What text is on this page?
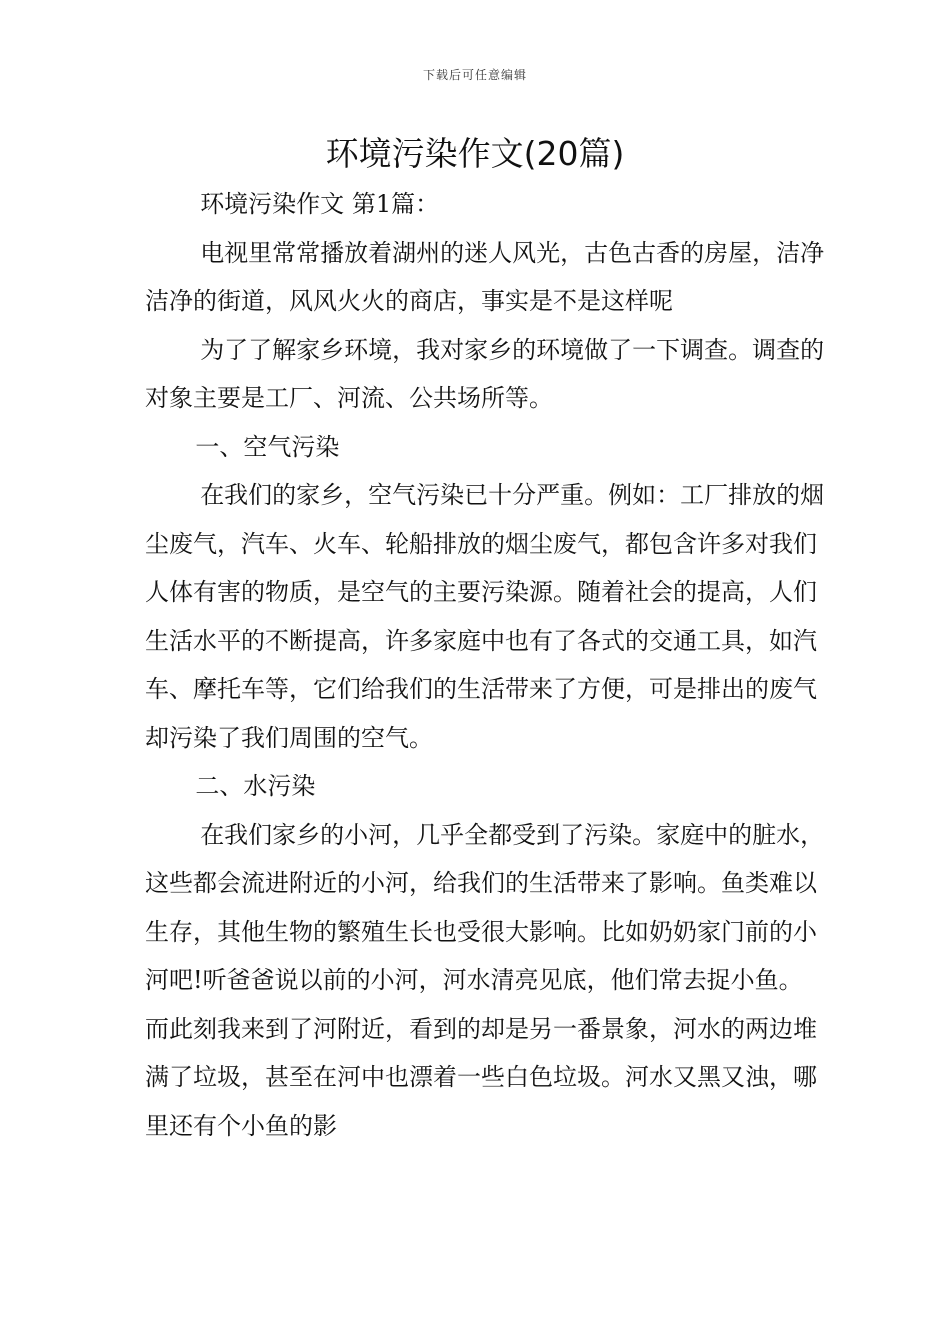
下载后可任意编辑
环境污染作文(20篇)

环境污染作文 第1篇：

电视里常常播放着湖州的迷人风光，古色古香的房屋，洁净洁净的街道，风风火火的商店，事实是不是这样呢

为了了解家乡环境，我对家乡的环境做了一下调查。调查的对象主要是工厂、河流、公共场所等。

一、空气污染

在我们的家乡，空气污染已十分严重。例如：工厂排放的烟尘废气，汽车、火车、轮船排放的烟尘废气，都包含许多对我们人体有害的物质，是空气的主要污染源。随着社会的提高，人们生活水平的不断提高，许多家庭中也有了各式的交通工具，如汽车、摩托车等，它们给我们的生活带来了方便，可是排出的废气却污染了我们周围的空气。

二、水污染

在我们家乡的小河，几乎全都受到了污染。家庭中的脏水，这些都会流进附近的小河，给我们的生活带来了影响。鱼类难以生存，其他生物的繁殖生长也受很大影响。比如奶奶家门前的小河吧!听爸爸说以前的小河，河水清亮见底，他们常去捉小鱼。而此刻我来到了河附近，看到的却是另一番景象，河水的两边堆满了垃圾，甚至在河中也漂着一些白色垃圾。河水又黑又浊，哪里还有个小鱼的影
